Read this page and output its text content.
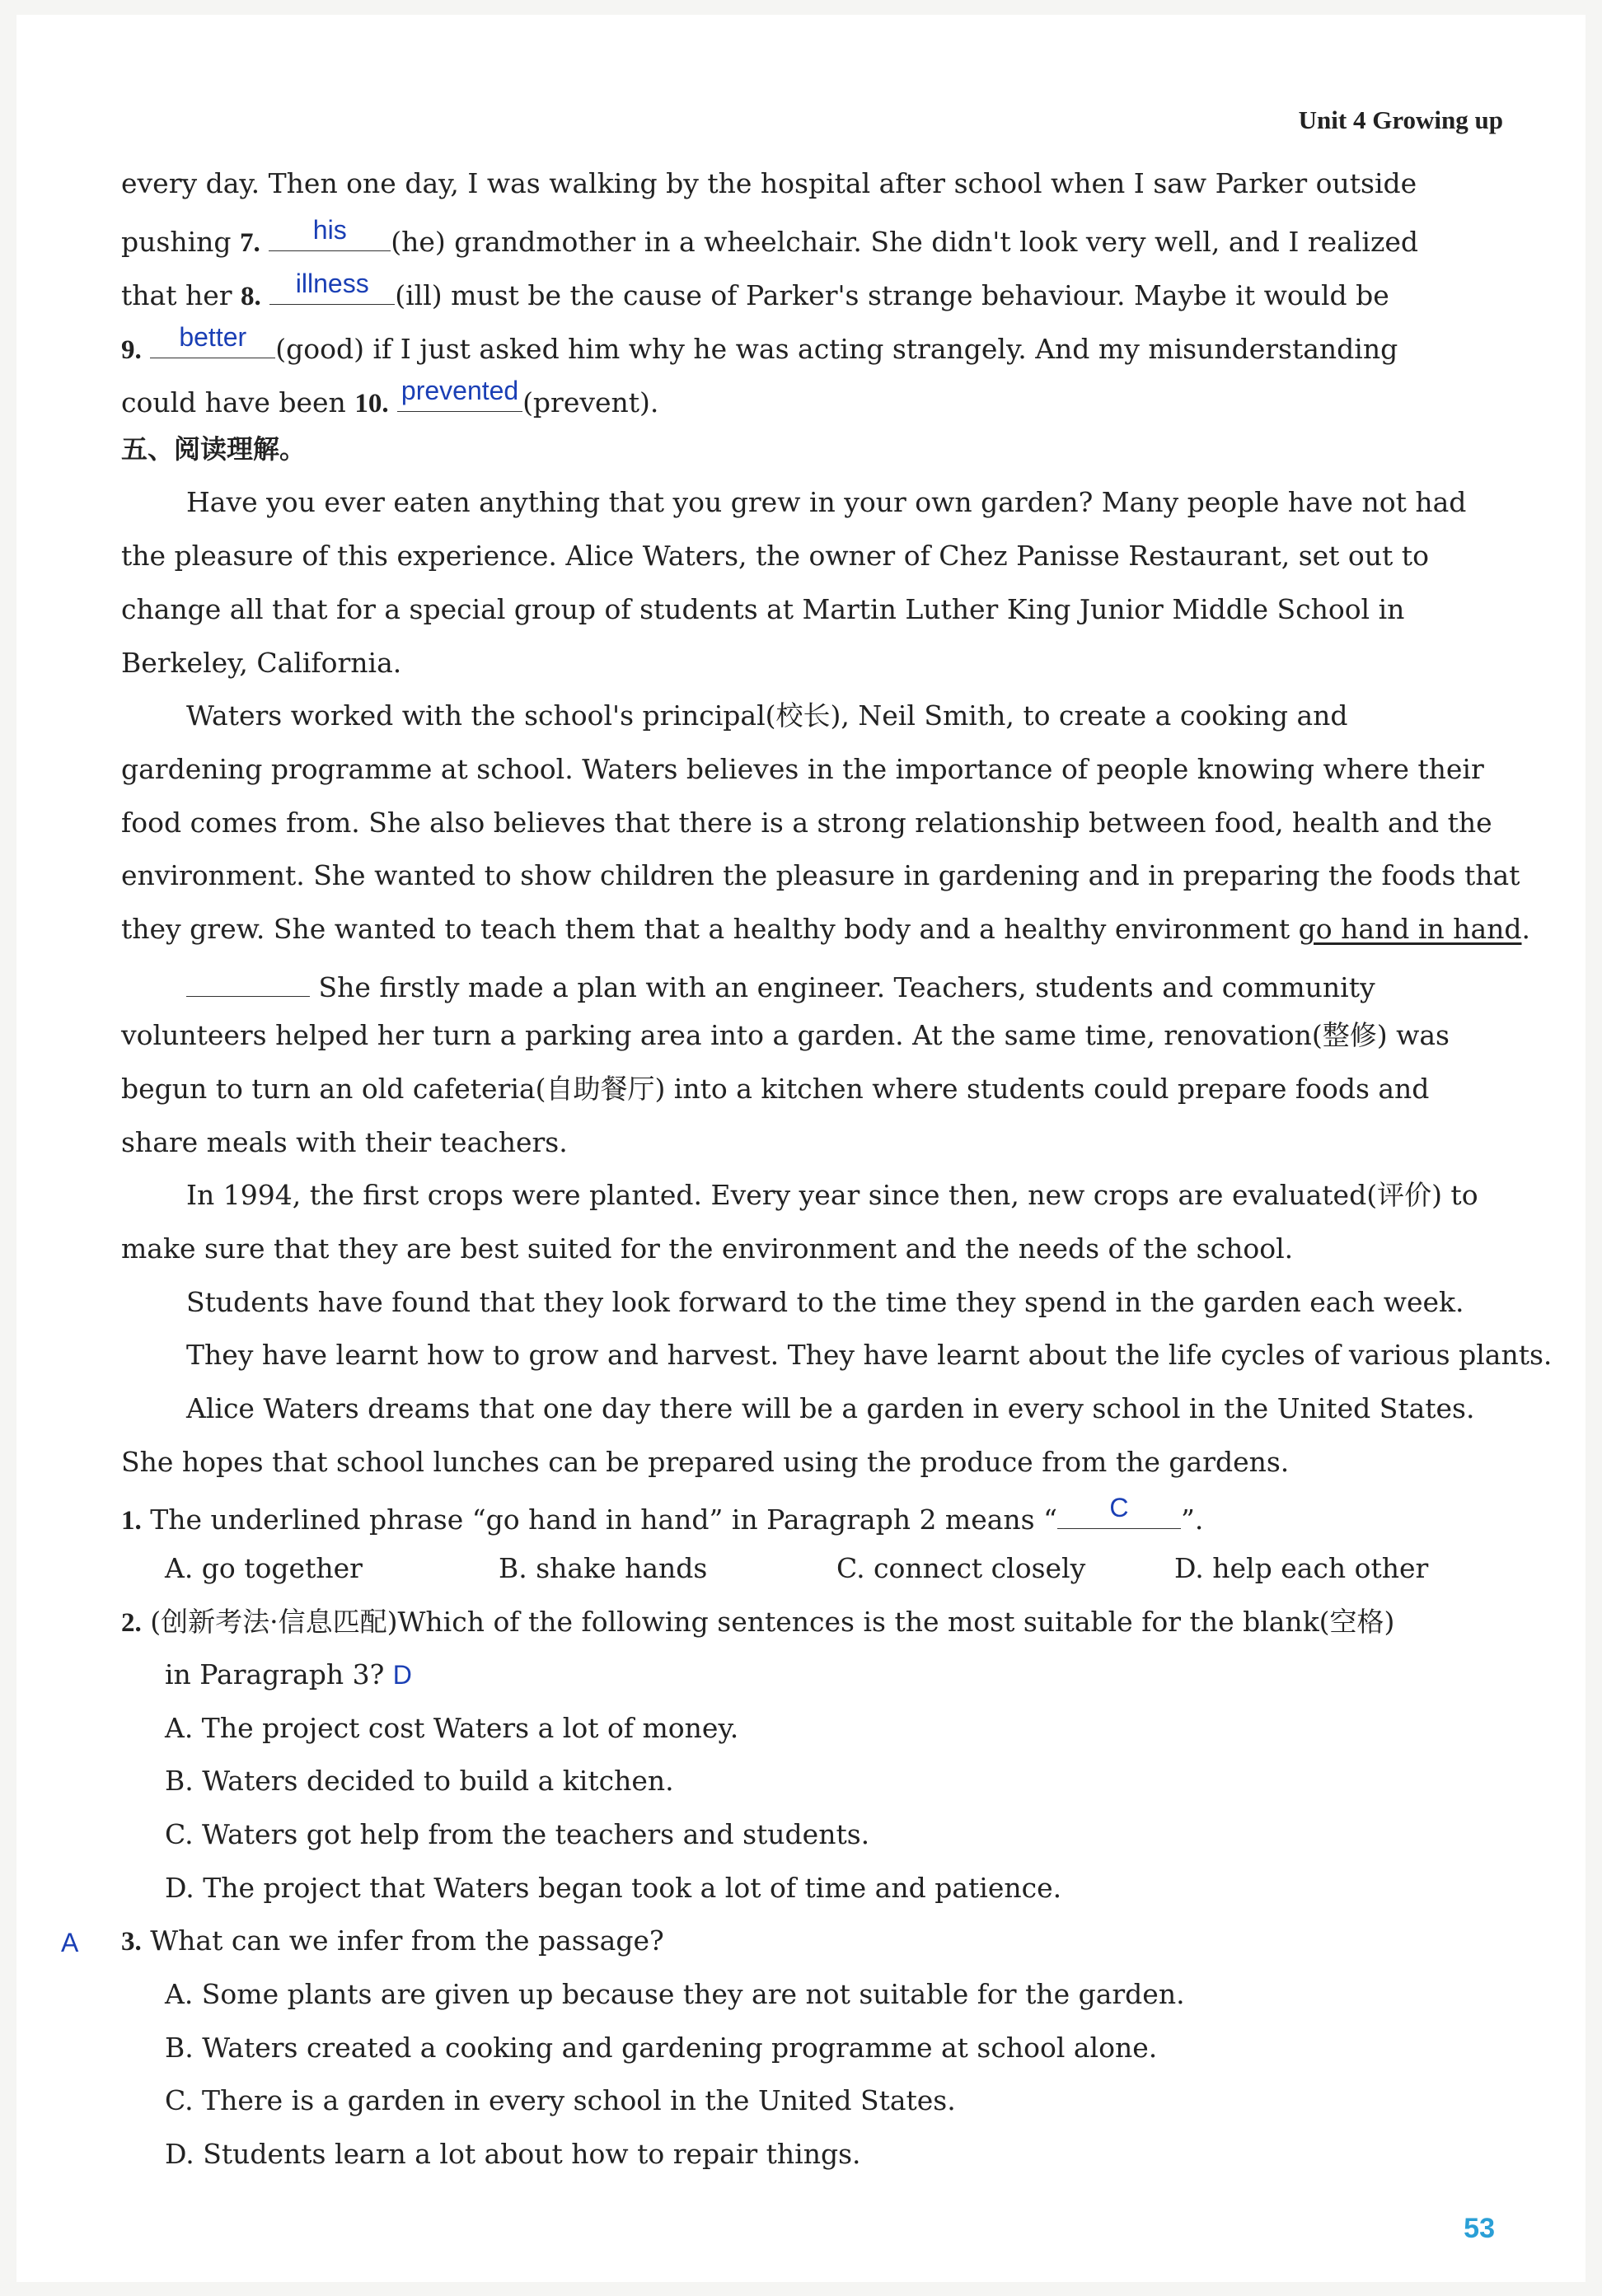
Unit 4 Growing up
every day. Then one day, I was walking by the hospital after school when I saw Parker outside
pushing 7.	his	(he) grandmother in a wheelchair. She didn't look very well, and I realized
that her 8.	illness (ill) must be the cause of Parker's strange behaviour. Maybe it would be
9.	better	(good) if I just asked him why he was acting strangely. And my misunderstanding
could have been 10. prevented (prevent).
五、阅读理解。
Have you ever eaten anything that you grew in your own garden? Many people have not had
the pleasure of this experience. Alice Waters, the owner of Chez Panisse Restaurant, set out to
change all that for a special group of students at Martin Luther King Junior Middle School in
Berkeley, California.
Waters worked with the school's principal(校长), Neil Smith, to create a cooking and
gardening programme at school. Waters believes in the importance of people knowing where their
food comes from. She also believes that there is a strong relationship between food, health and the
environment. She wanted to show children the pleasure in gardening and in preparing the foods that
they grew. She wanted to teach them that a healthy body and a healthy environment go hand in hand.
She firstly made a plan with an engineer. Teachers, students and community
volunteers helped her turn a parking area into a garden. At the same time, renovation(整修) was
begun to turn an old cafeteria(自助餐厅) into a kitchen where students could prepare foods and
share meals with their teachers.
In 1994, the first crops were planted. Every year since then, new crops are evaluated(评价) to
make sure that they are best suited for the environment and the needs of the school.
Students have found that they look forward to the time they spend in the garden each week.
They have learnt how to grow and harvest. They have learnt about the life cycles of various plants.
Alice Waters dreams that one day there will be a garden in every school in the United States.
She hopes that school lunches can be prepared using the produce from the gardens.
1. The underlined phrase “go hand in hand” in Paragraph 2 means “	C	”.
A. go together	B. shake hands	C. connect closely	D. help each other
2. (创新考法·信息匹配)Which of the following sentences is the most suitable for the blank(空格)
in Paragraph 3? D
A. The project cost Waters a lot of money.
B. Waters decided to build a kitchen.
C. Waters got help from the teachers and students.
D. The project that Waters began took a lot of time and patience.
A 3. What can we infer from the passage?
A. Some plants are given up because they are not suitable for the garden.
B. Waters created a cooking and gardening programme at school alone.
C. There is a garden in every school in the United States.
D. Students learn a lot about how to repair things.
53
